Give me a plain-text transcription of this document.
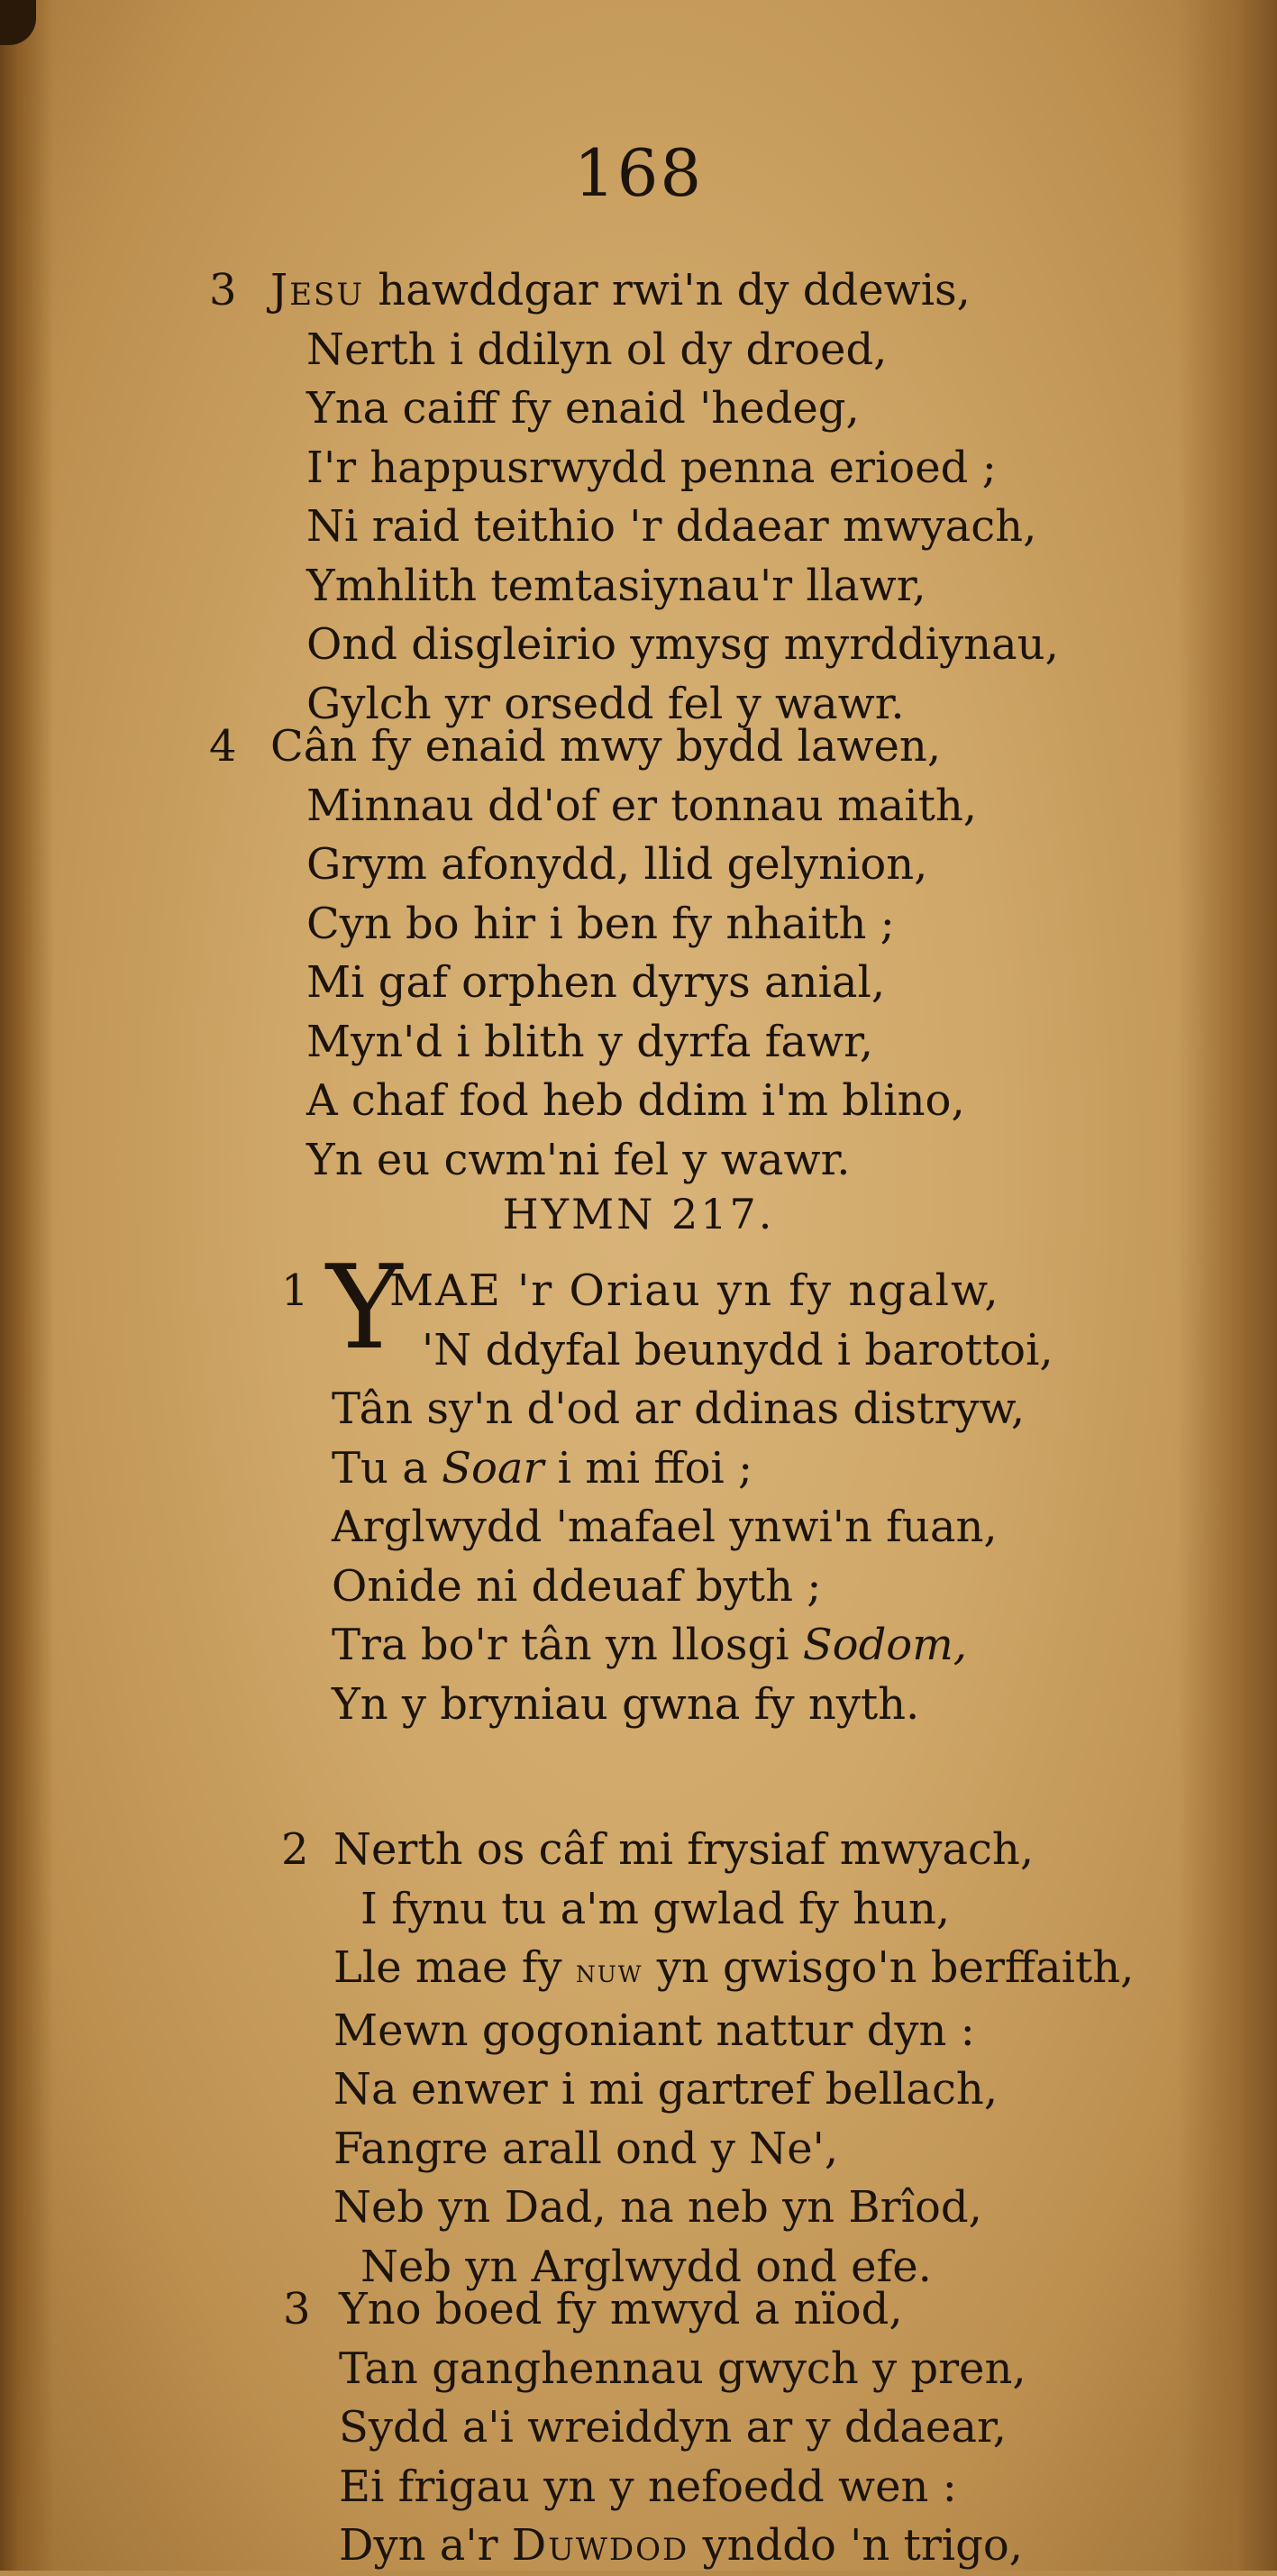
168
3 Jesu hawddgar rwi'n dy ddewis,
Nerth i ddilyn ol dy droed,
Yna caiff fy enaid 'hedeg,
I'r happusrwydd penna erioed ;
Ni raid teithio 'r ddaear mwyach,
Ymhlith temtasiynau'r llawr,
Ond disgleirio ymysg myrddiynau,
Gylch yr orsedd fel y wawr.
4 Cân fy enaid mwy bydd lawen,
Minnau dd'of er tonnau maith,
Grym afonydd, llid gelynion,
Cyn bo hir i ben fy nhaith ;
Mi gaf orphen dyrys anial,
Myn'd i blith y dyrfa fawr,
A chaf fod heb ddim i'm blino,
Yn eu cwm'ni fel y wawr.
HYMN 217.
Y
1 MAE 'r Oriau yn fy ngalw,
'N ddyfal beunydd i barottoi,
Tân sy'n d'od ar ddinas distryw,
Tu a Soar i mi ffoi ;
Arglwydd 'mafael ynwi'n fuan,
Onide ni ddeuaf byth ;
Tra bo'r tân yn llosgi Sodom,
Yn y bryniau gwna fy nyth.
2 Nerth os câf mi frysiaf mwyach,
I fynu tu a'm gwlad fy hun,
Lle mae fy nuw yn gwisgo'n berffaith,
Mewn gogoniant nattur dyn :
Na enwer i mi gartref bellach,
Fangre arall ond y Ne',
Neb yn Dad, na neb yn Brîod,
Neb yn Arglwydd ond efe.
3 Yno boed fy mwyd a nïod,
Tan ganghennau gwych y pren,
Sydd a'i wreiddyn ar y ddaear,
Ei frigau yn y nefoedd wen :
Dyn a'r Duwdod ynddo 'n trigo,
